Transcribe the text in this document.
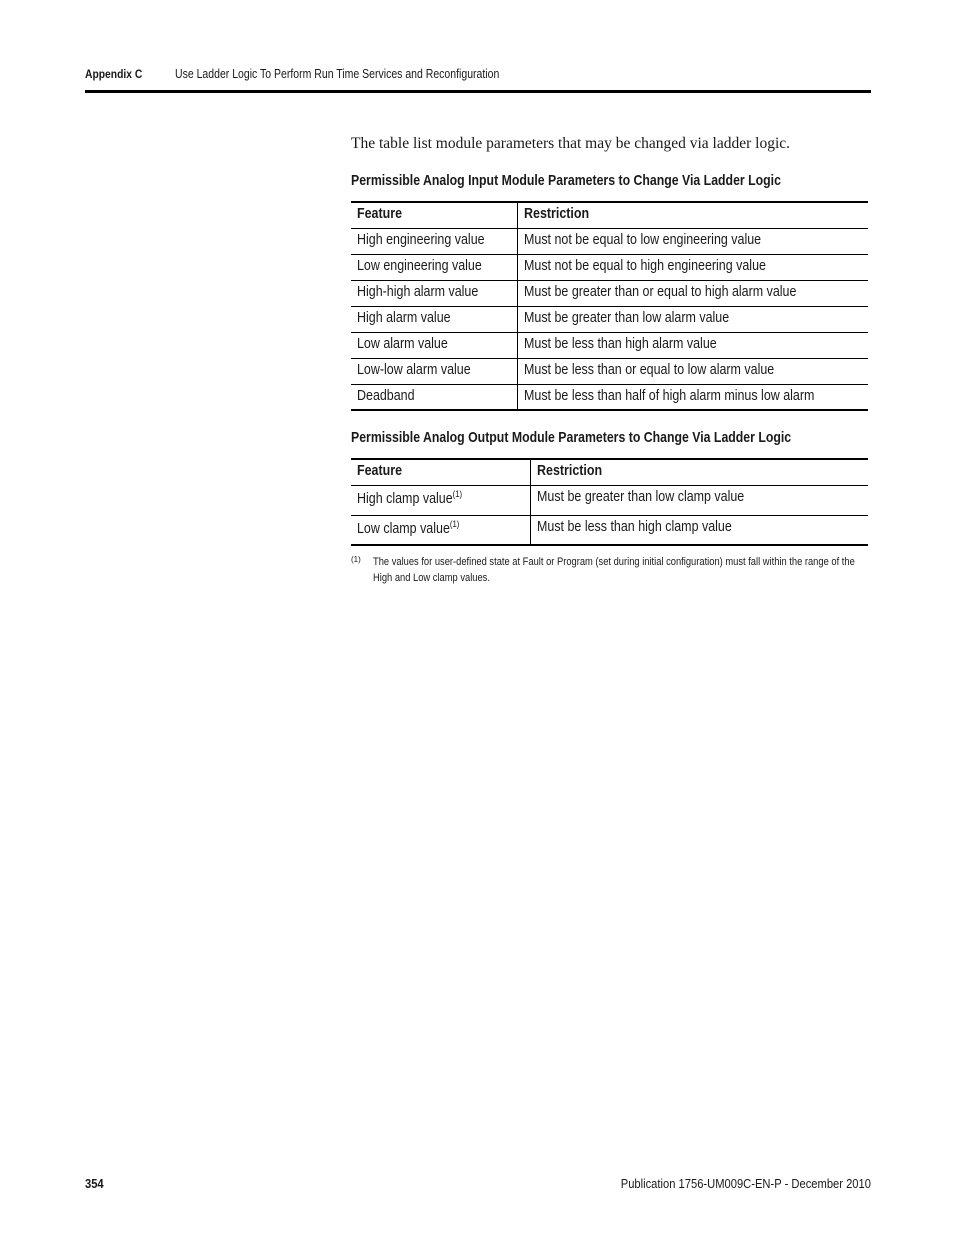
Appendix C	Use Ladder Logic To Perform Run Time Services and Reconfiguration
The table list module parameters that may be changed via ladder logic.
Permissible Analog Input Module Parameters to Change Via Ladder Logic
Feature	Restriction
High engineering value	Must not be equal to low engineering value
Low engineering value	Must not be equal to high engineering value
High-high alarm value	Must be greater than or equal to high alarm value
High alarm value	Must be greater than low alarm value
Low alarm value	Must be less than high alarm value
Low-low alarm value	Must be less than or equal to low alarm value
Deadband	Must be less than half of high alarm minus low alarm
Permissible Analog Output Module Parameters to Change Via Ladder Logic
Feature	Restriction
High clamp value$^{(1)}$	Must be greater than low clamp value
Low clamp value$^{(1)}$	Must be less than high clamp value
(1) The values for user-defined state at Fault or Program (set during initial configuration) must fall within the range of the High and Low clamp values.
354	Publication 1756-UM009C-EN-P - December 2010
